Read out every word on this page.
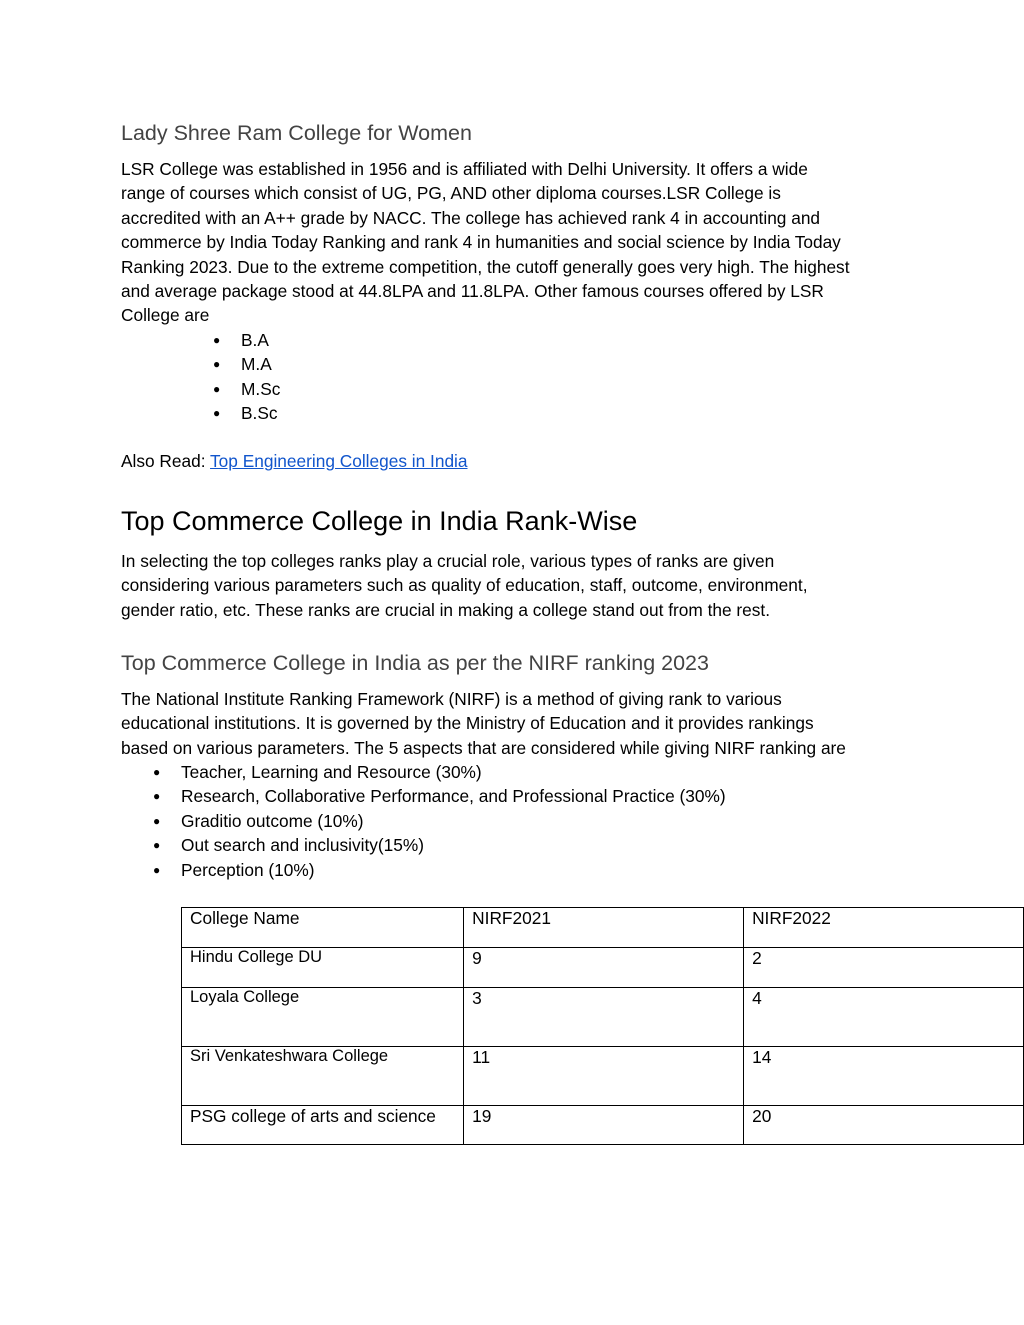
Lady Shree Ram College for Women
LSR College was established in 1956 and is affiliated with Delhi University. It offers a wide
range of courses which consist of UG, PG, AND other diploma courses.LSR College is
accredited with an A++ grade by NACC. The college has achieved rank 4 in accounting and
commerce by India Today Ranking and rank 4 in humanities and social science by India Today
Ranking 2023. Due to the extreme competition, the cutoff generally goes very high. The highest
and average package stood at 44.8LPA and 11.8LPA. Other famous courses offered by LSR
College are
● B.A
● M.A
● M.Sc
● B.Sc
Also Read: Top Engineering Colleges in India
Top Commerce College in India Rank-Wise
In selecting the top colleges ranks play a crucial role, various types of ranks are given
considering various parameters such as quality of education, staff, outcome, environment,
gender ratio, etc. These ranks are crucial in making a college stand out from the rest.
Top Commerce College in India as per the NIRF ranking 2023
The National Institute Ranking Framework (NIRF) is a method of giving rank to various
educational institutions. It is governed by the Ministry of Education and it provides rankings
based on various parameters. The 5 aspects that are considered while giving NIRF ranking are
● Teacher, Learning and Resource (30%)
● Research, Collaborative Performance, and Professional Practice (30%)
● Graditio outcome (10%)
● Out search and inclusivity(15%)
● Perception (10%)
College Name	NIRF2021	NIRF2022
Hindu College DU	9	2
Loyala College	3	4
Sri Venkateshwara College	11	14
PSG college of arts and science	19	20
